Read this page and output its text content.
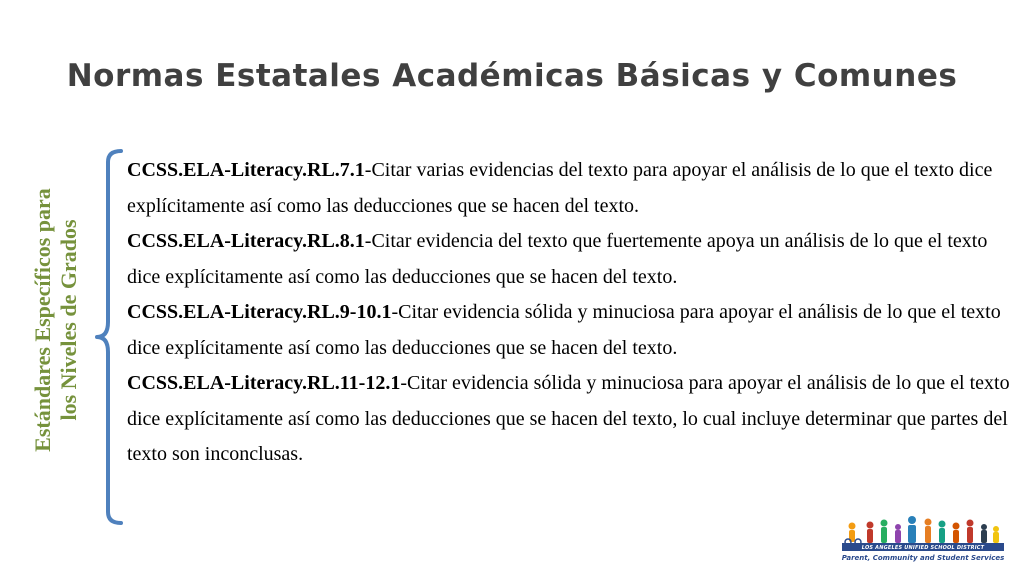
Normas Estatales Académicas Básicas y Comunes
Estándares Específicos para
los Niveles de Grados

CCSS.ELA-Literacy.RL.7.1-Citar varias evidencias del texto para apoyar el análisis de lo que el texto dice explícitamente así como las deducciones que se hacen del texto.

CCSS.ELA-Literacy.RL.8.1-Citar evidencia del texto que fuertemente apoya un análisis de lo que el texto dice explícitamente así como las deducciones que se hacen del texto.

CCSS.ELA-Literacy.RL.9-10.1-Citar evidencia sólida y minuciosa para apoyar el análisis de lo que el texto dice explícitamente así como las deducciones que se hacen del texto.

CCSS.ELA-Literacy.RL.11-12.1-Citar evidencia sólida y minuciosa para apoyar el análisis de lo que el texto dice explícitamente así como las deducciones que se hacen del texto, lo cual incluye determinar que partes del texto son inconclusas.

LOS ANGELES UNIFIED SCHOOL DISTRICT
Parent, Community and Student Services
